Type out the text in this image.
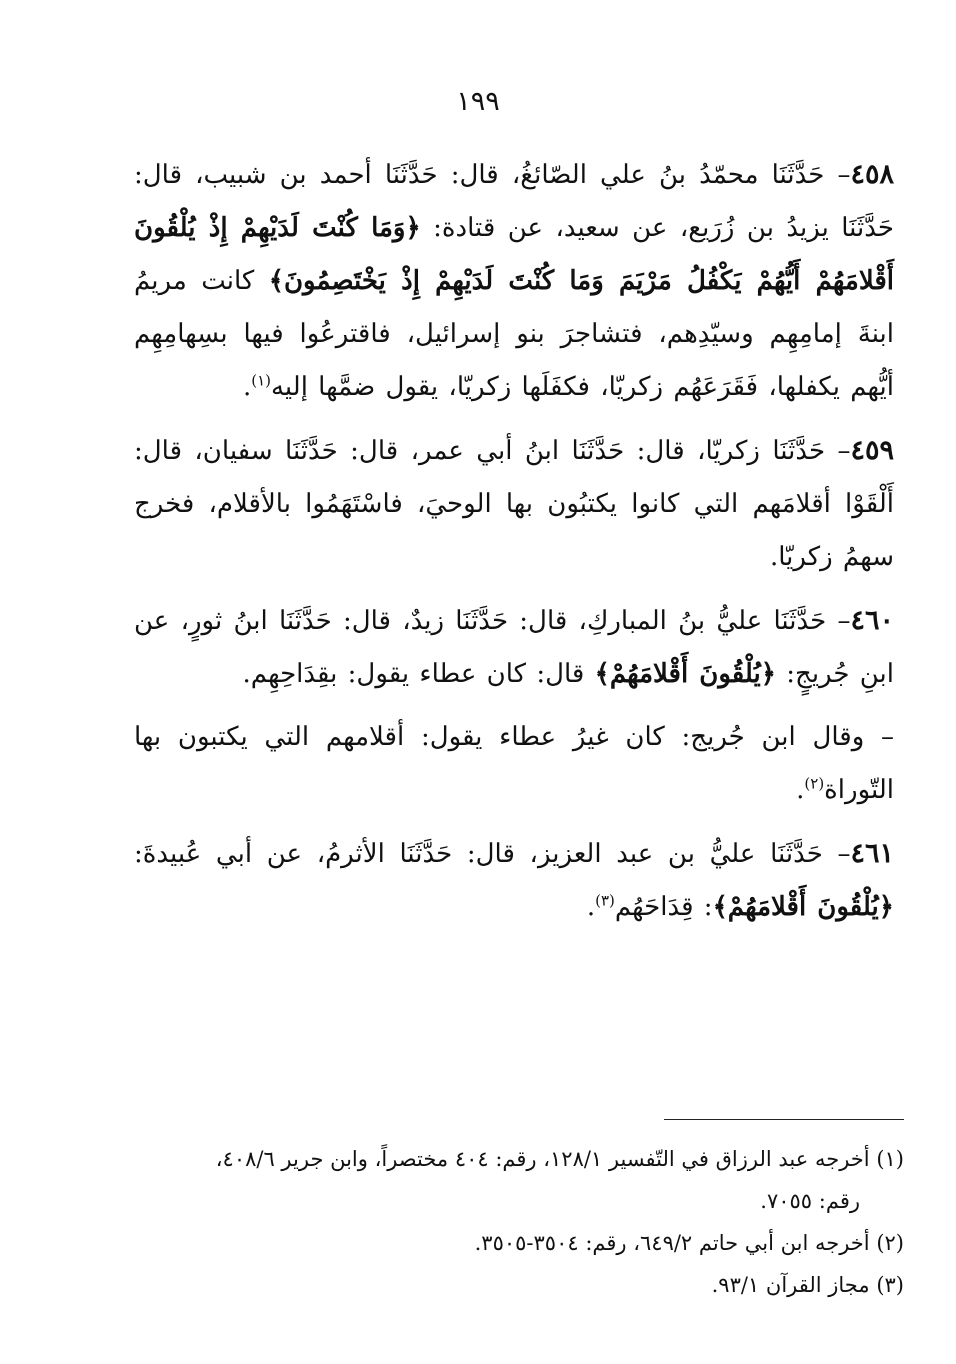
١٩٩

٤٥٨– حَدَّثَنَا محمّدُ بنُ علي الصّائغُ، قال: حَدَّثَنَا أحمد بن شبيب، قال: حَدَّثَنَا يزيدُ بن زُرَيع، عن سعيد، عن قتادة: ﴿وَمَا كُنْتَ لَدَيْهِمْ إِذْ يُلْقُونَ أَقْلامَهُمْ أَيُّهُمْ يَكْفُلُ مَرْيَمَ وَمَا كُنْتَ لَدَيْهِمْ إِذْ يَخْتَصِمُونَ﴾ كانت مريمُ ابنةَ إمامِهِم وسيّدِهم، فتشاجرَ بنو إسرائيل، فاقترعُوا فيها بسِهامِهِم أيُّهم يكفلها، فَقَرَعَهُم زكريّا، فكفَلَها زكريّا، يقول ضمَّها إليه$^{(١)}$.

٤٥٩– حَدَّثَنَا زكريّا، قال: حَدَّثَنَا ابنُ أبي عمر، قال: حَدَّثَنَا سفيان، قال: أَلْقَوْا أقلامَهم التي كانوا يكتبُون بها الوحيَ، فاسْتَهَمُوا بالأقلام، فخرج سهمُ زكريّا.

٤٦٠– حَدَّثَنَا عليُّ بنُ المباركِ، قال: حَدَّثَنَا زيدٌ، قال: حَدَّثَنَا ابنُ ثورٍ، عن ابنِ جُريجٍ: ﴿يُلْقُونَ أَقْلامَهُمْ﴾ قال: كان عطاء يقول: بقِدَاحِهِم.

– وقال ابن جُريج: كان غيرُ عطاء يقول: أقلامهم التي يكتبون بها التّوراة$^{(٢)}$.

٤٦١– حَدَّثَنَا عليُّ بن عبد العزيز، قال: حَدَّثَنَا الأثرمُ، عن أبي عُبيدةَ: ﴿يُلْقُونَ أَقْلامَهُمْ﴾: قِدَاحَهُم$^{(٣)}$.

(١) أخرجه عبد الرزاق في التّفسير ١٢٨/١، رقم: ٤٠٤ مختصراً، وابن جرير ٤٠٨/٦،

رقم: ٧٠٥٥.

(٢) أخرجه ابن أبي حاتم ٦٤٩/٢، رقم: ٣٥٠٤-٣٥٠٥.

(٣) مجاز القرآن ٩٣/١.
